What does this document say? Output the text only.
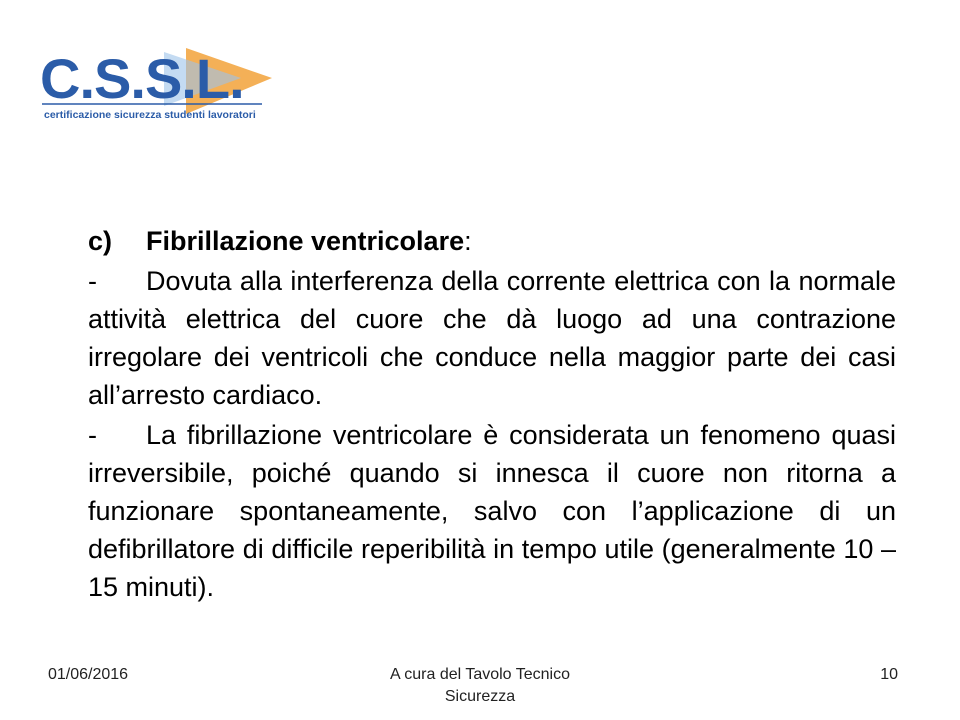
C.S.S.L.
certificazione sicurezza studenti lavoratori
c)	Fibrillazione ventricolare:

- Dovuta alla interferenza della corrente elettrica con la normale attività elettrica del cuore che dà luogo ad una contrazione irregolare dei ventricoli che conduce nella maggior parte dei casi all’arresto cardiaco.

- La fibrillazione ventricolare è considerata un fenomeno quasi irreversibile, poiché quando si innesca il cuore non ritorna a funzionare spontaneamente, salvo con l’applicazione di un defibrillatore di difficile reperibilità in tempo utile (generalmente 10 – 15 minuti).

01/06/2016	A cura del Tavolo Tecnico
Sicurezza
10
